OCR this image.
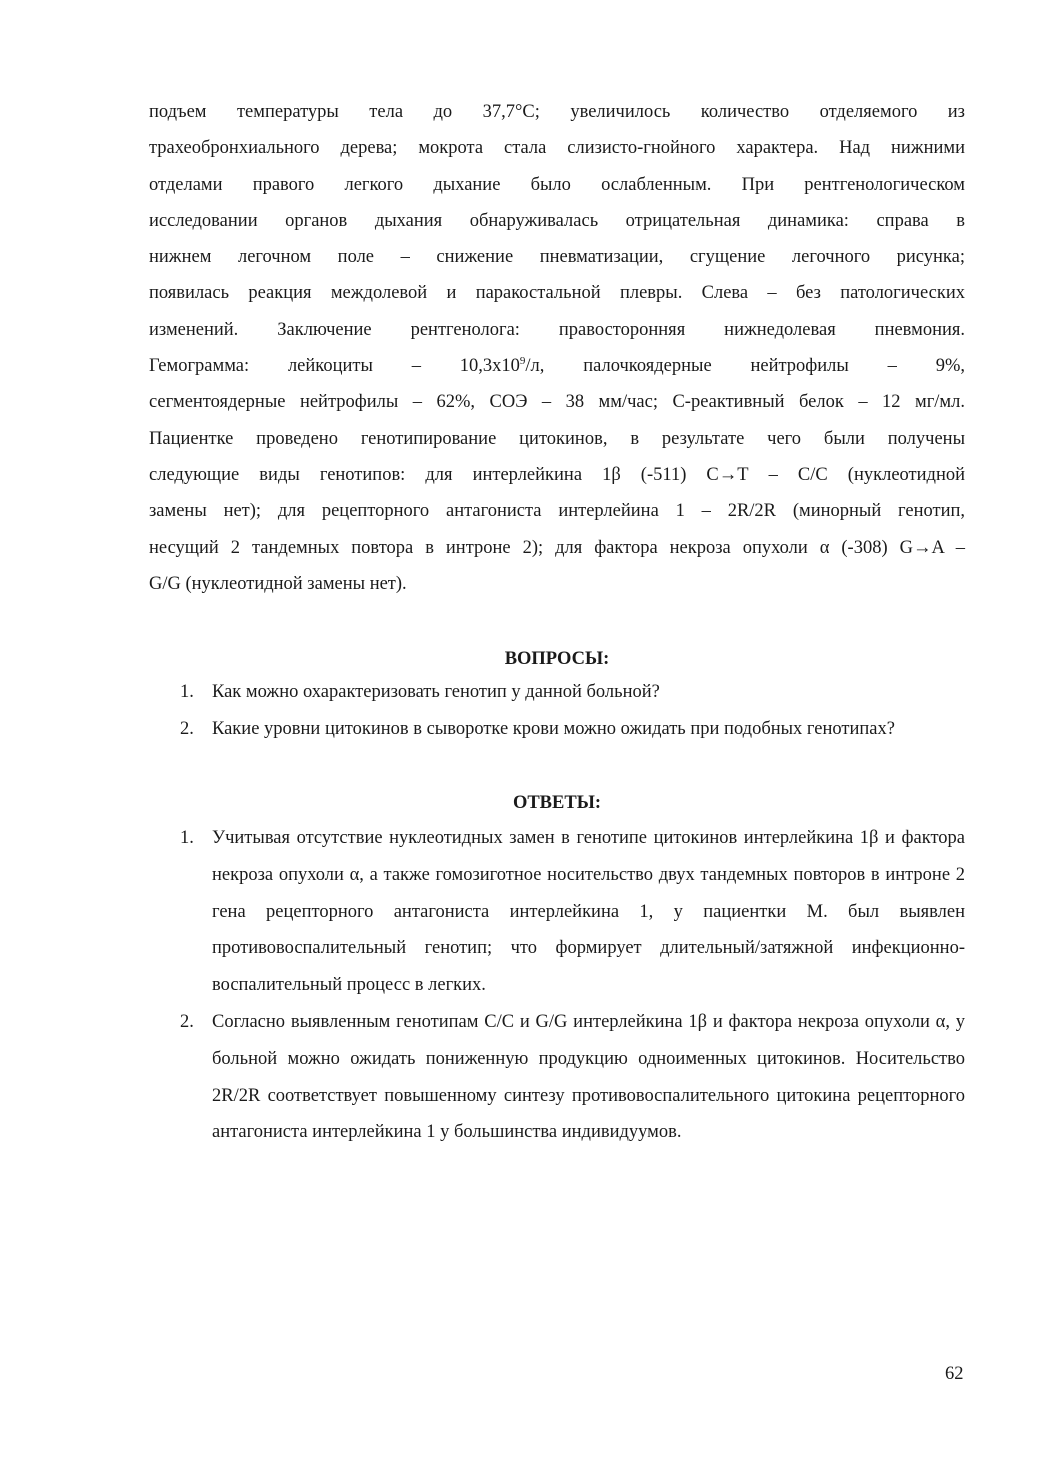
подъем температуры тела до 37,7°С; увеличилось количество отделяемого из
трахеобронхиального дерева; мокрота стала слизисто-гнойного характера. Над нижними
отделами правого легкого дыхание было ослабленным. При рентгенологическом
исследовании органов дыхания обнаруживалась отрицательная динамика: справа в
нижнем легочном поле – снижение пневматизации, сгущение легочного рисунка;
появилась реакция междолевой и паракостальной плевры. Слева – без патологических
изменений. Заключение рентгенолога: правосторонняя нижнедолевая пневмония.
Гемограмма: лейкоциты – $10,3х10^9/л$, палочкоядерные нейтрофилы – 9%,
сегментоядерные нейтрофилы – 62%, СОЭ – 38 мм/час; С-реактивный белок – 12 мг/мл.
Пациентке проведено генотипирование цитокинов, в результате чего были получены
следующие виды генотипов: для интерлейкина 1β (-511) С→Т – С/С (нуклеотидной
замены нет); для рецепторного антагониста интерлейина 1 – 2R/2R (минорный генотип,
несущий 2 тандемных повтора в интроне 2); для фактора некроза опухоли α (-308) G→A –
G/G (нуклеотидной замены нет).
ВОПРОСЫ:
1. Как можно охарактеризовать генотип у данной больной?
2. Какие уровни цитокинов в сыворотке крови можно ожидать при подобных генотипах?
ОТВЕТЫ:
1. Учитывая отсутствие нуклеотидных замен в генотипе цитокинов интерлейкина 1β и фактора некроза опухоли α, а также гомозиготное носительство двух тандемных повторов в интроне 2 гена рецепторного антагониста интерлейкина 1, у пациентки М. был выявлен противовоспалительный генотип; что формирует длительный/затяжной инфекционно-воспалительный процесс в легких.
2. Согласно выявленным генотипам С/С и G/G интерлейкина 1β и фактора некроза опухоли α, у больной можно ожидать пониженную продукцию одноименных цитокинов. Носительство 2R/2R соответствует повышенному синтезу противовоспалительного цитокина рецепторного антагониста интерлейкина 1 у большинства индивидуумов.
62
